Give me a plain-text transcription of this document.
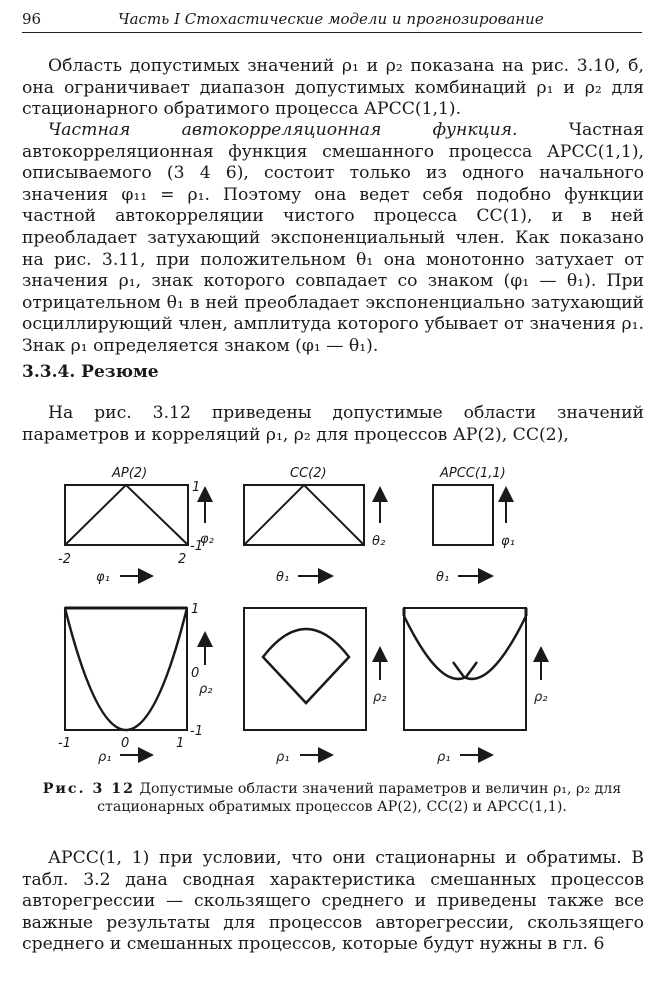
96	Часть I Стохастические модели и прогнозирование

Область допустимых значений ρ₁ и ρ₂ показана на рис. 3.10, б, она ограничивает диапазон допустимых комбинаций ρ₁ и ρ₂ для стационарного обратимого процесса АРСС(1,1).

Частная автокорреляционная функция. Частная автокорреляционная функция смешанного процесса АРСС(1,1), описываемого (3 4 6), состоит только из одного начального значения φ₁₁ = ρ₁. Поэтому она ведет себя подобно функции частной автокорреляции чистого процесса СС(1), и в ней преобладает затухающий экспоненциальный член. Как показано на рис. 3.11, при положительном θ₁ она монотонно затухает от значения ρ₁, знак которого совпадает со знаком (φ₁ — θ₁). При отрицательном θ₁ в ней преобладает экспоненциально затухающий осциллирующий член, амплитуда которого убывает от значения ρ₁. Знак ρ₁ определяется знаком (φ₁ — θ₁).

3.3.4. Резюме

На рис. 3.12 приведены допустимые области значений параметров и корреляций ρ₁, ρ₂ для процессов АР(2), СС(2),

АР(2)
1
-1
-2	2
φ₂
φ₁
СС(2)
θ₂
θ₁
АРСС(1,1)
φ₁
θ₁
1
0
-1
-1	0	1
ρ₂
ρ₁
ρ₂
ρ₁
ρ₂
ρ₁
Рис. 3 12 Допустимые области значений параметров и величин ρ₁, ρ₂ для стационарных обратимых процессов АР(2), СС(2) и АРСС(1,1).

АРСС(1, 1) при условии, что они стационарны и обратимы. В табл. 3.2 дана сводная характеристика смешанных процессов авторегрессии — скользящего среднего и приведены также все важные результаты для процессов авторегрессии, скользящего среднего и смешанных процессов, которые будут нужны в гл. 6
